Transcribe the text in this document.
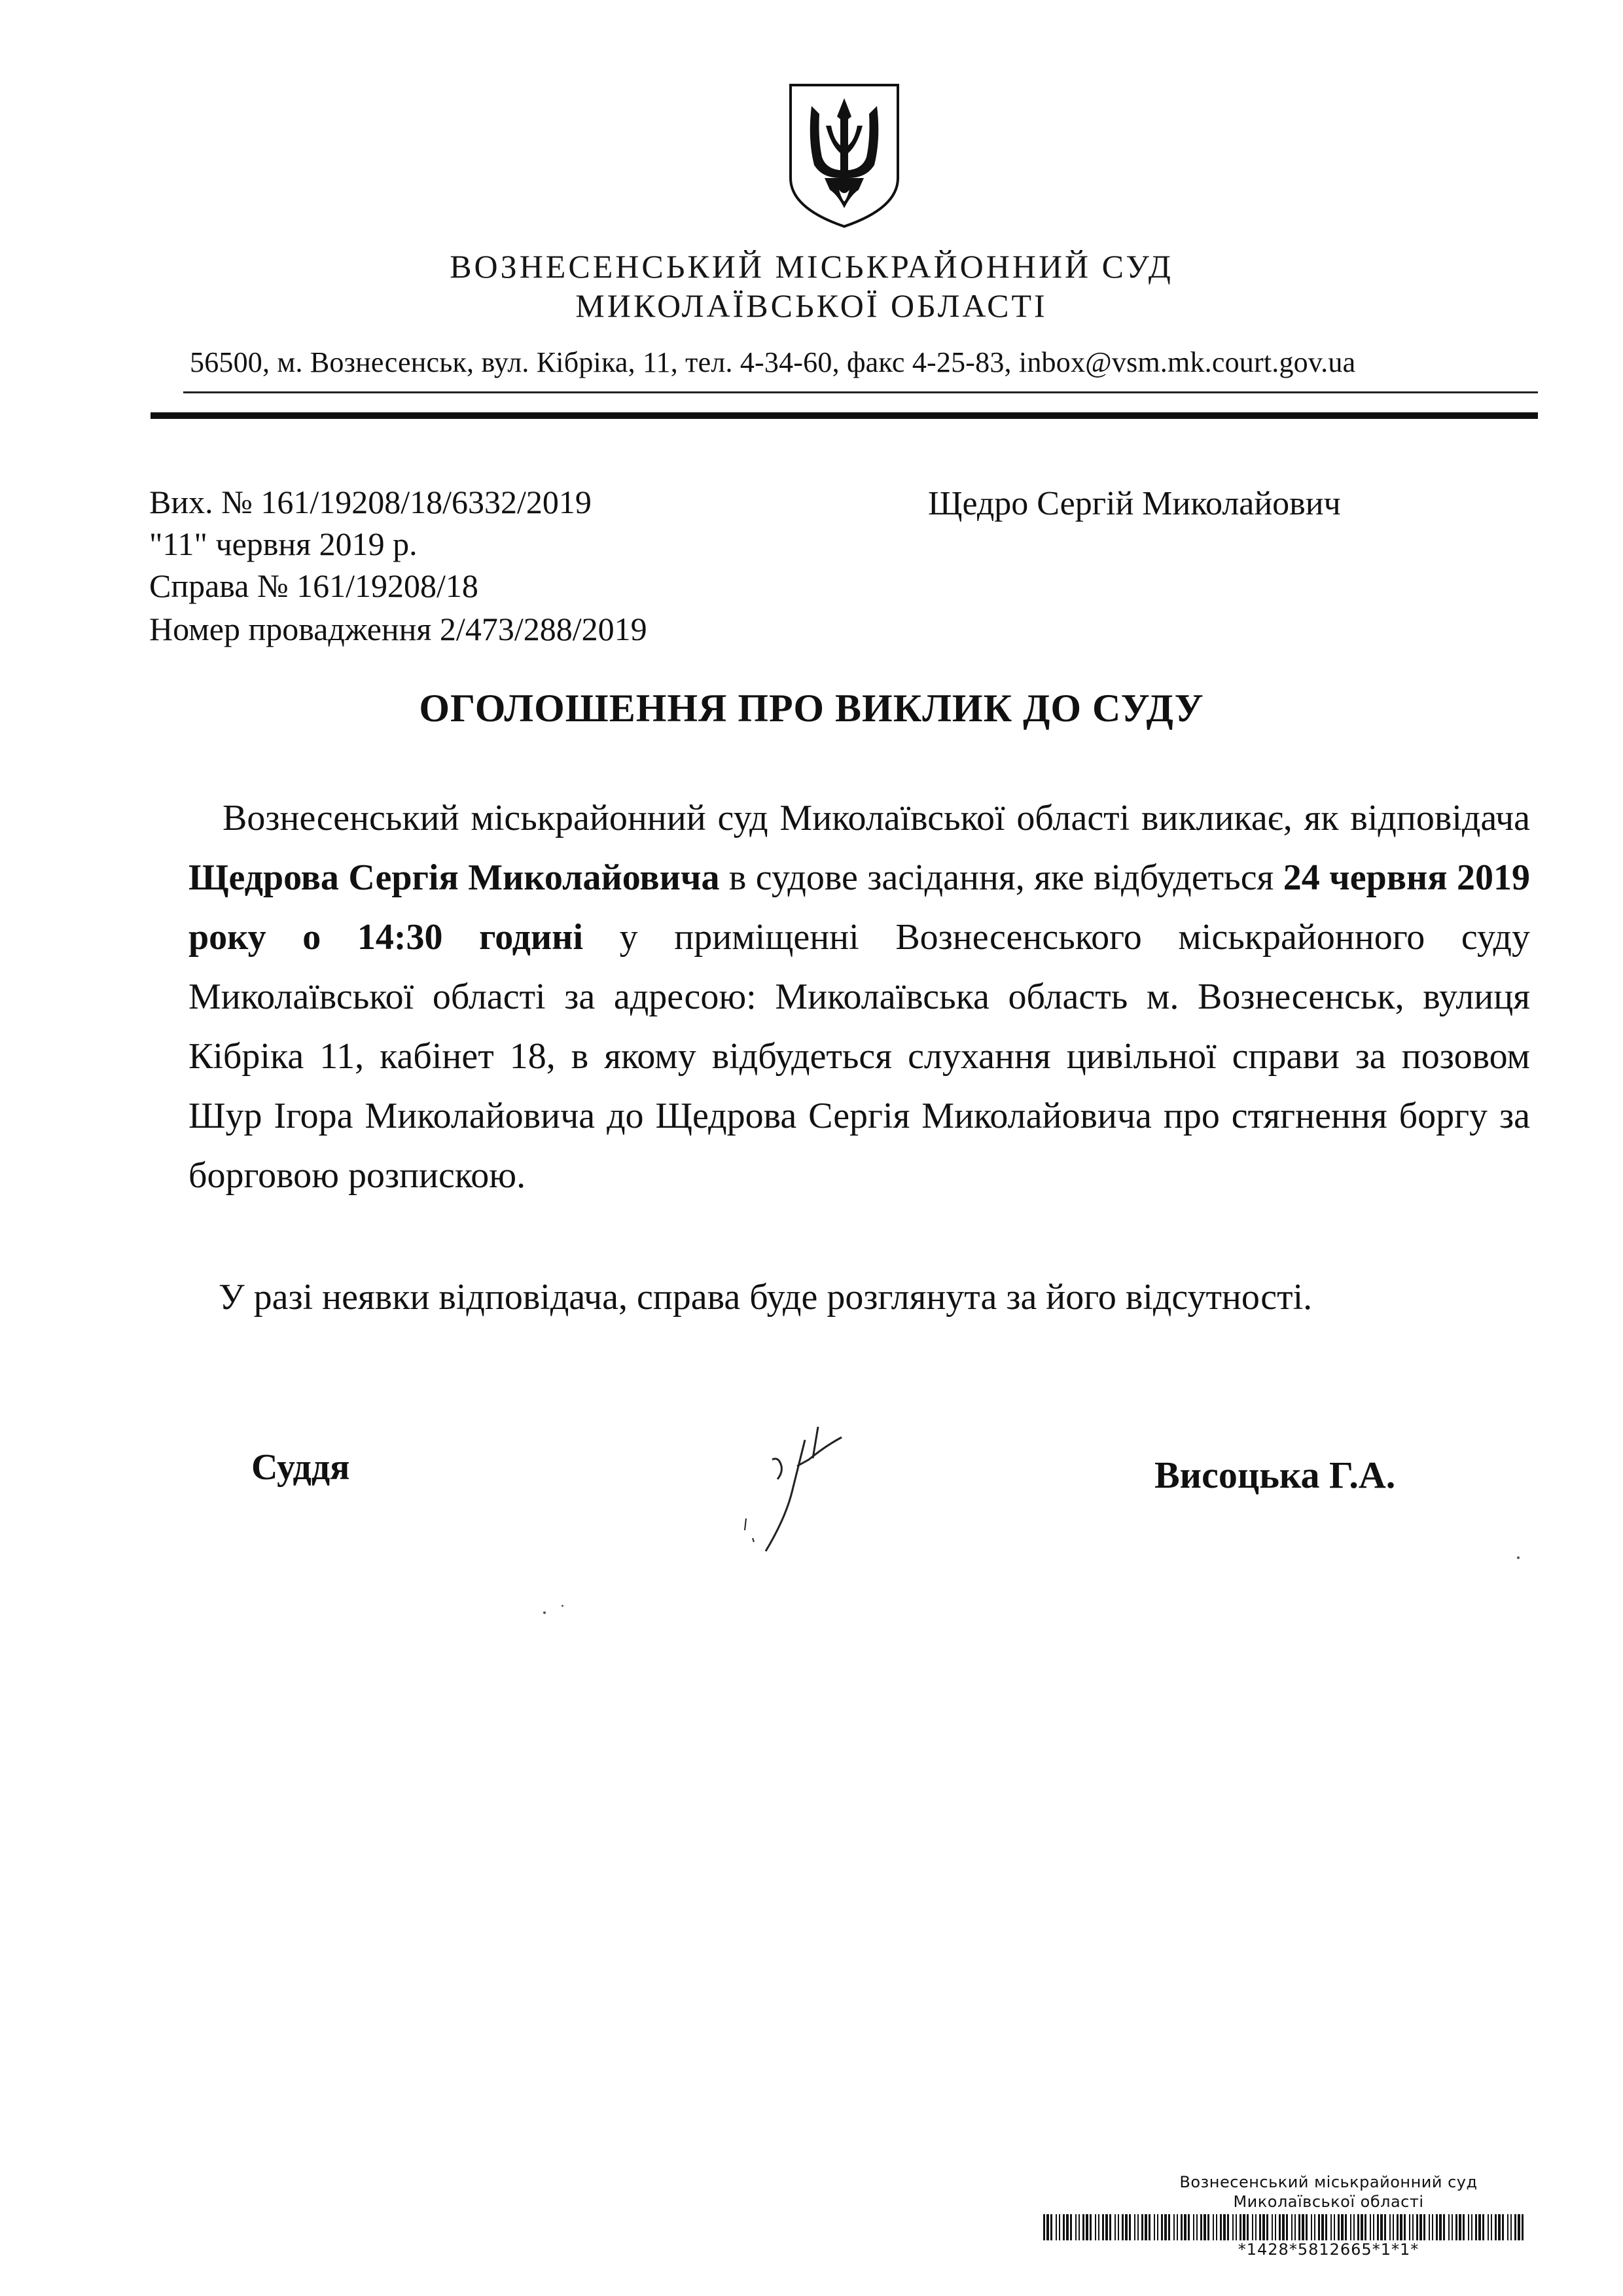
ВОЗНЕСЕНСЬКИЙ МІСЬКРАЙОННИЙ СУД
МИКОЛАЇВСЬКОЇ ОБЛАСТІ
56500, м. Вознесенськ, вул. Кібріка, 11, тел. 4-34-60, факс 4-25-83, inbox@vsm.mk.court.gov.ua
Вих. № 161/19208/18/6332/2019
"11" червня 2019 р.
Справа № 161/19208/18
Номер провадження 2/473/288/2019
Щедро Сергій Миколайович
ОГОЛОШЕННЯ ПРО ВИКЛИК ДО СУДУ

Вознесенський міськрайонний суд Миколаївської області викликає, як відповідача Щедрова Сергія Миколайовича в судове засідання, яке відбудеться 24 червня 2019 року о 14:30 годині у приміщенні Вознесенського міськрайонного суду Миколаївської області за адресою: Миколаївська область м. Вознесенськ, вулиця Кібріка 11, кабінет 18, в якому відбудеться слухання цивільної справи за позовом Шур Ігора Миколайовича до Щедрова Сергія Миколайовича про стягнення боргу за борговою розпискою.

У разі неявки відповідача, справа буде розглянута за його відсутності.
Суддя	Висоцька Г.А.
Вознесенський міськрайонний суд
Миколаївської області
*1428*5812665*1*1*
